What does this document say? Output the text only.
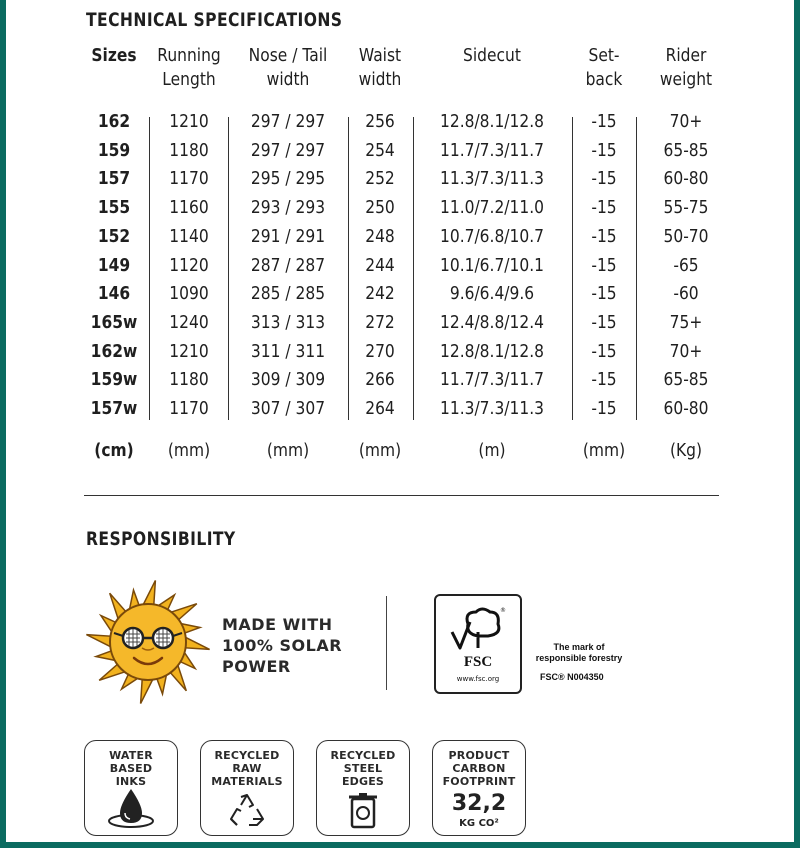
TECHNICAL SPECIFICATIONS
Sizes
162
159
157
155
152
149
146
165w
162w
159w
157w
(cm)
Running
Length
1210
1180
1170
1160
1140
1120
1090
1240
1210
1180
1170
(mm)
Nose / Tail
width
297 / 297
297 / 297
295 / 295
293 / 293
291 / 291
287 / 287
285 / 285
313 / 313
311 / 311
309 / 309
307 / 307
(mm)
Waist
width
256
254
252
250
248
244
242
272
270
266
264
(mm)
Sidecut
12.8/8.1/12.8
11.7/7.3/11.7
11.3/7.3/11.3
11.0/7.2/11.0
10.7/6.8/10.7
10.1/6.7/10.1
9.6/6.4/9.6
12.4/8.8/12.4
12.8/8.1/12.8
11.7/7.3/11.7
11.3/7.3/11.3
(m)
Set-
back
-15
-15
-15
-15
-15
-15
-15
-15
-15
-15
-15
(mm)
Rider
weight
70+
65-85
60-80
55-75
50-70
-65
-60
75+
70+
65-85
60-80
(Kg)
RESPONSIBILITY
MADE WITH
100% SOLAR
POWER
®
FSC
www.fsc.org
The mark of
responsible forestry
FSC® N004350
WATER
BASED
INKS
RECYCLED
RAW
MATERIALS
RECYCLED
STEEL
EDGES
PRODUCT
CARBON
FOOTPRINT
32,2
KG CO²
